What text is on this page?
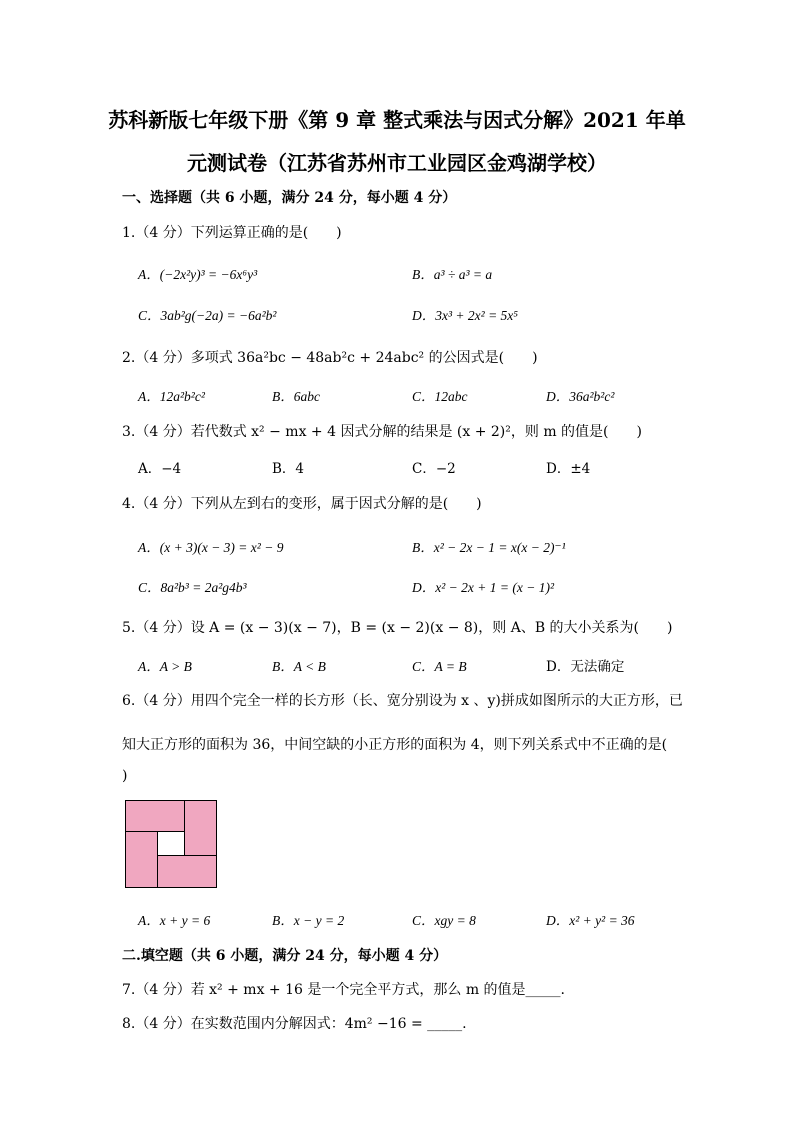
苏科新版七年级下册《第 9 章 整式乘法与因式分解》2021 年单
元测试卷（江苏省苏州市工业园区金鸡湖学校）
一、选择题（共 6 小题，满分 24 分，每小题 4 分）
1.（4 分）下列运算正确的是(　　)
A．(−2x²y)³ = −6x⁶y³	B．a³ ÷ a³ = a
C．3ab²g(−2a) = −6a²b²	D．3x³ + 2x² = 5x⁵
2.（4 分）多项式 36a²bc − 48ab²c + 24abc² 的公因式是(　　)
A．12a²b²c²	B．6abc	C．12abc	D．36a²b²c²
3.（4 分）若代数式 x² − mx + 4 因式分解的结果是 (x + 2)²，则 m 的值是(　　)
A．−4	B．4	C．−2	D．±4
4.（4 分）下列从左到右的变形，属于因式分解的是(　　)
A．(x + 3)(x − 3) = x² − 9	B．x² − 2x − 1 = x(x − 2)⁻¹
C．8a²b³ = 2a²g4b³	D．x² − 2x + 1 = (x − 1)²
5.（4 分）设 A = (x − 3)(x − 7)，B = (x − 2)(x − 8)，则 A、B 的大小关系为(　　)
A．A > B	B．A < B	C．A = B	D．无法确定
6.（4 分）用四个完全一样的长方形（长、宽分别设为 x 、y)拼成如图所示的大正方形，已
知大正方形的面积为 36，中间空缺的小正方形的面积为 4，则下列关系式中不正确的是(
)
A．x + y = 6	B．x − y = 2	C．xgy = 8	D．x² + y² = 36
二.填空题（共 6 小题，满分 24 分，每小题 4 分）
7.（4 分）若 x² + mx + 16 是一个完全平方式，那么 m 的值是_____.
8.（4 分）在实数范围内分解因式：4m² −16 = _____.
